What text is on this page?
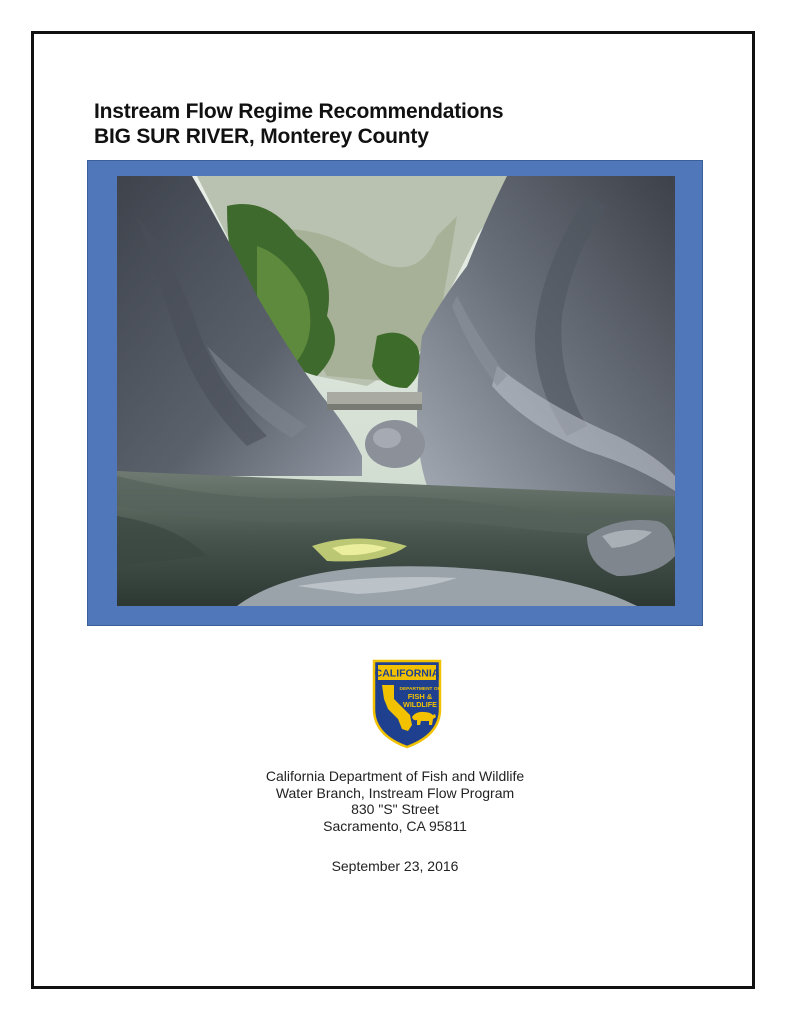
Instream Flow Regime Recommendations
BIG SUR RIVER, Monterey County
CALIFORNIA
DEPARTMENT OF
FISH &
WILDLIFE
California Department of Fish and Wildlife
Water Branch, Instream Flow Program
830 "S" Street
Sacramento, CA 95811
September 23, 2016
